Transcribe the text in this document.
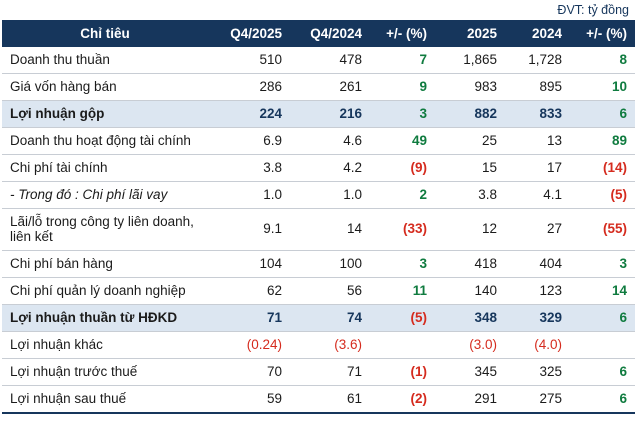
ĐVT: tỷ đồng
Chỉ tiêu	Q4/2025	Q4/2024	+/- (%)	2025	2024	+/- (%)
Doanh thu thuần	510	478	7	1,865	1,728	8
Giá vốn hàng bán	286	261	9	983	895	10
Lợi nhuận gộp	224	216	3	882	833	6
Doanh thu hoạt động tài chính	6.9	4.6	49	25	13	89
Chi phí tài chính	3.8	4.2	(9)	15	17	(14)
- Trong đó : Chi phí lãi vay	1.0	1.0	2	3.8	4.1	(5)
Lãi/lỗ trong công ty liên doanh, liên kết	9.1	14	(33)	12	27	(55)
Chi phí bán hàng	104	100	3	418	404	3
Chi phí quản lý doanh nghiệp	62	56	11	140	123	14
Lợi nhuận thuần từ HĐKD	71	74	(5)	348	329	6
Lợi nhuận khác	(0.24)	(3.6)		(3.0)	(4.0)	
Lợi nhuận trước thuế	70	71	(1)	345	325	6
Lợi nhuận sau thuế	59	61	(2)	291	275	6
